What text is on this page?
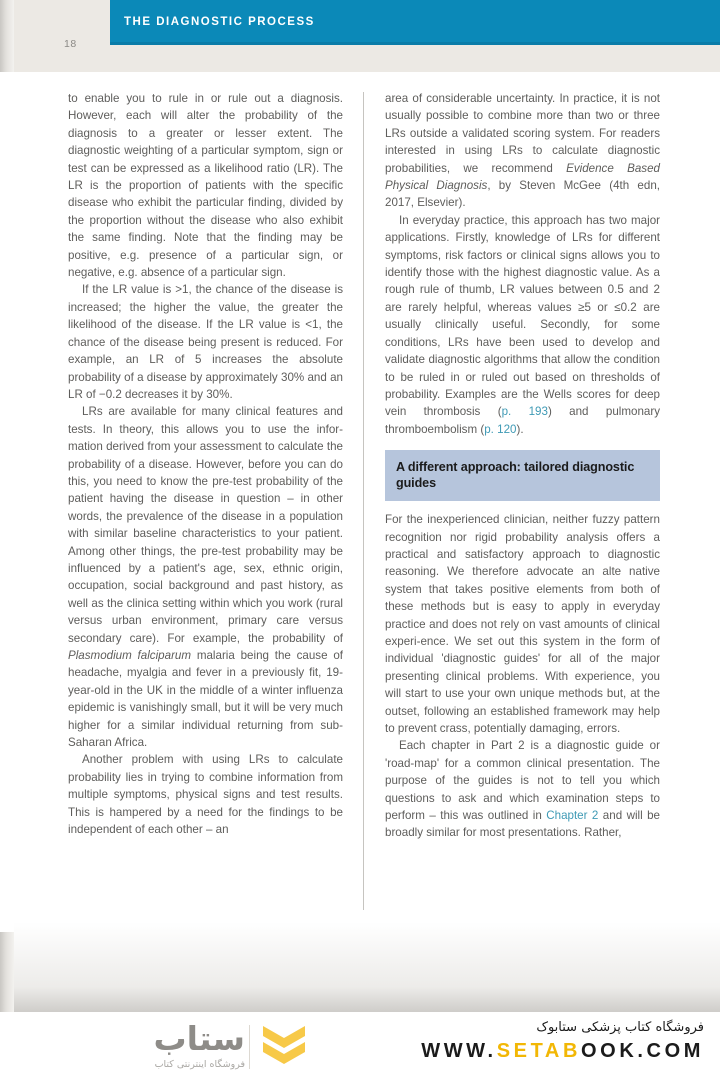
THE DIAGNOSTIC PROCESS
18

to enable you to rule in or rule out a diagnosis. However, each will alter the probability of the diagnosis to a greater or lesser extent. The diagnostic weighting of a particular symptom, sign or test can be expressed as a likelihood ratio (LR). The LR is the proportion of patients with the specific disease who exhibit the particular finding, divided by the proportion without the disease who also exhibit the same finding. Note that the finding may be positive, e.g. presence of a particular sign, or negative, e.g. absence of a particular sign.

If the LR value is >1, the chance of the disease is increased; the higher the value, the greater the likelihood of the disease. If the LR value is <1, the chance of the disease being present is reduced. For example, an LR of 5 increases the absolute probability of a disease by approximately 30% and an LR of −0.2 decreases it by 30%.

LRs are available for many clinical features and tests. In theory, this allows you to use the infor-mation derived from your assessment to calculate the probability of a disease. However, before you can do this, you need to know the pre-test probability of the patient having the disease in question – in other words, the prevalence of the disease in a population with similar baseline characteristics to your patient. Among other things, the pre-test probability may be influenced by a patient's age, sex, ethnic origin, occupation, social background and past history, as well as the clinica setting within which you work (rural versus urban environment, primary care versus secondary care). For example, the probability of Plasmodium falciparum malaria being the cause of headache, myalgia and fever in a previously fit, 19-year-old in the UK in the middle of a winter influenza epidemic is vanishingly small, but it will be very much higher for a similar individual returning from sub-Saharan Africa.

Another problem with using LRs to calculate probability lies in trying to combine information from multiple symptoms, physical signs and test results. This is hampered by a need for the findings to be independent of each other – an

area of considerable uncertainty. In practice, it is not usually possible to combine more than two or three LRs outside a validated scoring system. For readers interested in using LRs to calculate diagnostic probabilities, we recommend Evidence Based Physical Diagnosis, by Steven McGee (4th edn, 2017, Elsevier).

In everyday practice, this approach has two major applications. Firstly, knowledge of LRs for different symptoms, risk factors or clinical signs allows you to identify those with the highest diagnostic value. As a rough rule of thumb, LR values between 0.5 and 2 are rarely helpful, whereas values ≥5 or ≤0.2 are usually clinically useful. Secondly, for some conditions, LRs have been used to develop and validate diagnostic algorithms that allow the condition to be ruled in or ruled out based on thresholds of probability. Examples are the Wells scores for deep vein thrombosis (p. 193) and pulmonary thromboembolism (p. 120).

A different approach: tailored diagnostic guides

For the inexperienced clinician, neither fuzzy pattern recognition nor rigid probability analysis offers a practical and satisfactory approach to diagnostic reasoning. We therefore advocate an alte native system that takes positive elements from both of these methods but is easy to apply in everyday practice and does not rely on vast amounts of clinical experi-ence. We set out this system in the form of individual 'diagnostic guides' for all of the major presenting clinical problems. With experience, you will start to use your own unique methods but, at the outset, following an established framework may help to prevent crass, potentially damaging, errors.

Each chapter in Part 2 is a diagnostic guide or 'road-map' for a common clinical presentation. The purpose of the guides is not to tell you which questions to ask and which examination steps to perform – this was outlined in Chapter 2 and will be broadly similar for most presentations. Rather,

ستاب
فروشگاه اینترنتی کتاب
فروشگاه کتاب پزشکی ستابوک
WWW.SETABOOK.COM
